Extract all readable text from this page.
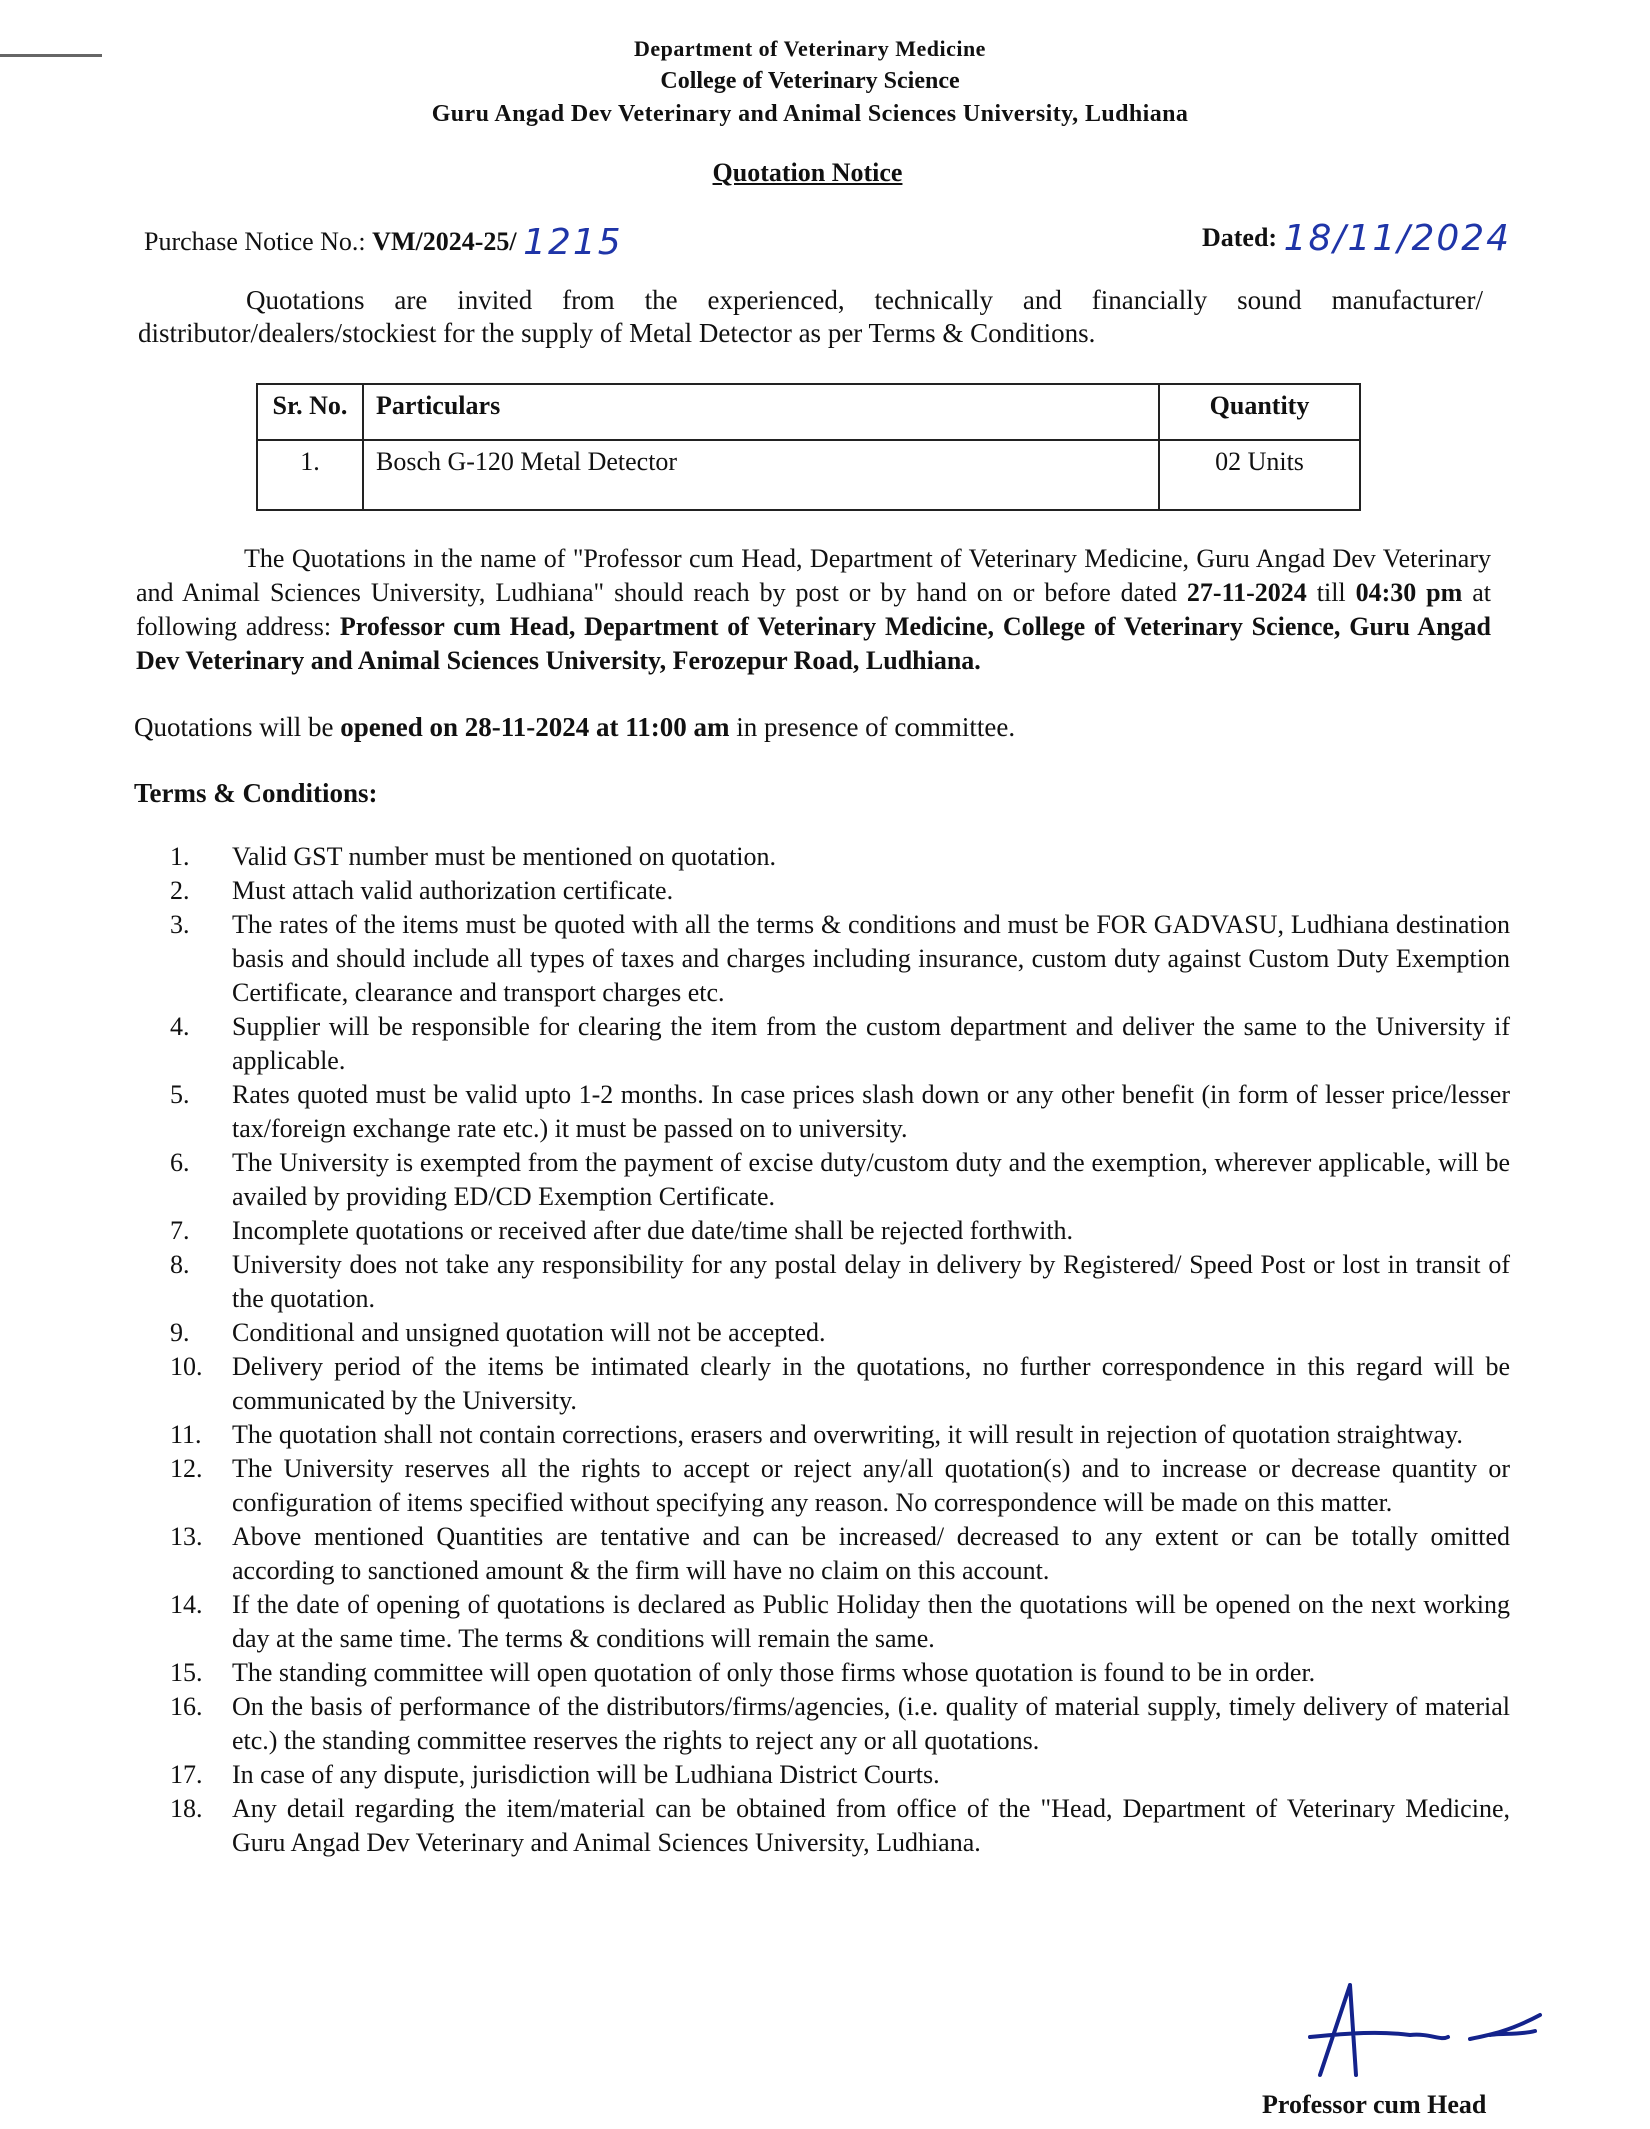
Department of Veterinary Medicine
College of Veterinary Science
Guru Angad Dev Veterinary and Animal Sciences University, Ludhiana
Quotation Notice
Purchase Notice No.: VM/2024-25/ 1215	Dated: 18/11/2024
Quotations are invited from the experienced, technically and financially sound manufacturer/ distributor/dealers/stockiest for the supply of Metal Detector as per Terms & Conditions.
Sr. No.	Particulars	Quantity
1.	Bosch G-120 Metal Detector	02 Units
The Quotations in the name of "Professor cum Head, Department of Veterinary Medicine, Guru Angad Dev Veterinary and Animal Sciences University, Ludhiana" should reach by post or by hand on or before dated 27-11-2024 till 04:30 pm at following address: Professor cum Head, Department of Veterinary Medicine, College of Veterinary Science, Guru Angad Dev Veterinary and Animal Sciences University, Ferozepur Road, Ludhiana.
Quotations will be opened on 28-11-2024 at 11:00 am in presence of committee.
Terms & Conditions:
1.	Valid GST number must be mentioned on quotation.
2.	Must attach valid authorization certificate.
3.	The rates of the items must be quoted with all the terms & conditions and must be FOR GADVASU, Ludhiana destination basis and should include all types of taxes and charges including insurance, custom duty against Custom Duty Exemption Certificate, clearance and transport charges etc.
4.	Supplier will be responsible for clearing the item from the custom department and deliver the same to the University if applicable.
5.	Rates quoted must be valid upto 1-2 months. In case prices slash down or any other benefit (in form of lesser price/lesser tax/foreign exchange rate etc.) it must be passed on to university.
6.	The University is exempted from the payment of excise duty/custom duty and the exemption, wherever applicable, will be availed by providing ED/CD Exemption Certificate.
7.	Incomplete quotations or received after due date/time shall be rejected forthwith.
8.	University does not take any responsibility for any postal delay in delivery by Registered/ Speed Post or lost in transit of the quotation.
9.	Conditional and unsigned quotation will not be accepted.
10.	Delivery period of the items be intimated clearly in the quotations, no further correspondence in this regard will be communicated by the University.
11.	The quotation shall not contain corrections, erasers and overwriting, it will result in rejection of quotation straightway.
12.	The University reserves all the rights to accept or reject any/all quotation(s) and to increase or decrease quantity or configuration of items specified without specifying any reason. No correspondence will be made on this matter.
13.	Above mentioned Quantities are tentative and can be increased/ decreased to any extent or can be totally omitted according to sanctioned amount & the firm will have no claim on this account.
14.	If the date of opening of quotations is declared as Public Holiday then the quotations will be opened on the next working day at the same time. The terms & conditions will remain the same.
15.	The standing committee will open quotation of only those firms whose quotation is found to be in order.
16.	On the basis of performance of the distributors/firms/agencies, (i.e. quality of material supply, timely delivery of material etc.) the standing committee reserves the rights to reject any or all quotations.
17.	In case of any dispute, jurisdiction will be Ludhiana District Courts.
18.	Any detail regarding the item/material can be obtained from office of the "Head, Department of Veterinary Medicine, Guru Angad Dev Veterinary and Animal Sciences University, Ludhiana.
Professor cum Head
